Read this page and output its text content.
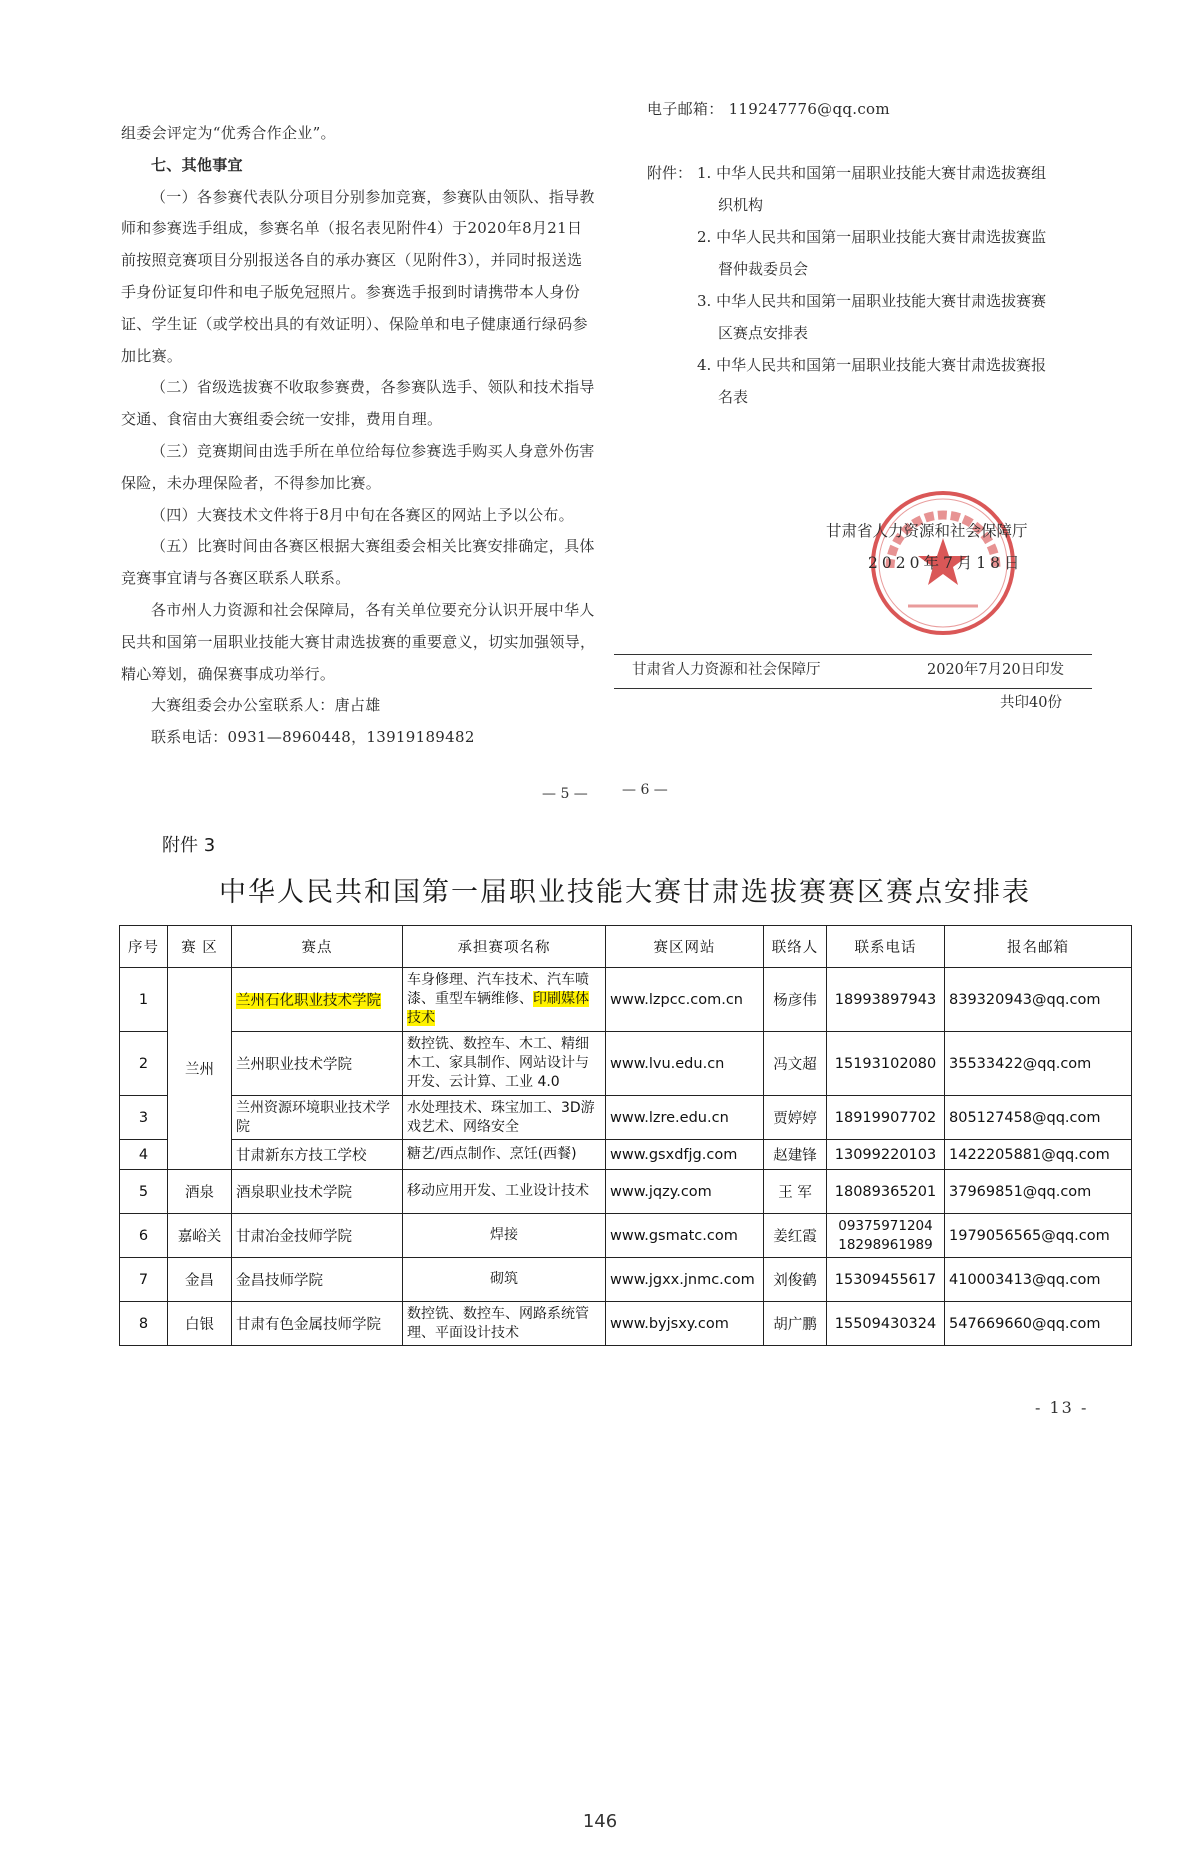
组委会评定为“优秀合作企业”。

七、其他事宜

（一）各参赛代表队分项目分别参加竞赛，参赛队由领队、指导教师和参赛选手组成，参赛名单（报名表见附件4）于2020年8月21日前按照竞赛项目分别报送各自的承办赛区（见附件3），并同时报送选手身份证复印件和电子版免冠照片。参赛选手报到时请携带本人身份证、学生证（或学校出具的有效证明）、保险单和电子健康通行绿码参加比赛。

（二）省级选拔赛不收取参赛费，各参赛队选手、领队和技术指导交通、食宿由大赛组委会统一安排，费用自理。

（三）竞赛期间由选手所在单位给每位参赛选手购买人身意外伤害保险，未办理保险者，不得参加比赛。

（四）大赛技术文件将于8月中旬在各赛区的网站上予以公布。

（五）比赛时间由各赛区根据大赛组委会相关比赛安排确定，具体竞赛事宜请与各赛区联系人联系。

各市州人力资源和社会保障局，各有关单位要充分认识开展中华人民共和国第一届职业技能大赛甘肃选拔赛的重要意义，切实加强领导，精心筹划，确保赛事成功举行。

大赛组委会办公室联系人：唐占雄

联系电话：0931—8960448，13919189482

— 5 —
电子邮箱： 119247776@qq.com
附件： 1. 中华人民共和国第一届职业技能大赛甘肃选拔赛组
织机构
2. 中华人民共和国第一届职业技能大赛甘肃选拔赛监
督仲裁委员会
3. 中华人民共和国第一届职业技能大赛甘肃选拔赛赛
区赛点安排表
4. 中华人民共和国第一届职业技能大赛甘肃选拔赛报
名表
甘肃省人力资源和社会保障厅
2020年7月18日
甘肃省人力资源和社会保障厅	2020年7月20日印发
共印40份
— 6 —
附件 3
中华人民共和国第一届职业技能大赛甘肃选拔赛赛区赛点安排表
序号	赛 区	赛点	承担赛项名称	赛区网站	联络人	联系电话	报名邮箱
1	兰州	兰州石化职业技术学院	车身修理、汽车技术、汽车喷漆、重型车辆维修、印刷媒体技术	www.lzpcc.com.cn	杨彦伟	18993897943	839320943@qq.com
2		兰州职业技术学院	数控铣、数控车、木工、精细木工、家具制作、网站设计与开发、云计算、工业 4.0	www.lvu.edu.cn	冯文超	15193102080	35533422@qq.com
3		兰州资源环境职业技术学院	水处理技术、珠宝加工、3D游戏艺术、网络安全	www.lzre.edu.cn	贾婷婷	18919907702	805127458@qq.com
4		甘肃新东方技工学校	糖艺/西点制作、烹饪(西餐)	www.gsxdfjg.com	赵建锋	13099220103	1422205881@qq.com
5	酒泉	酒泉职业技术学院	移动应用开发、工业设计技术	www.jqzy.com	王 军	18089365201	37969851@qq.com
6	嘉峪关	甘肃冶金技师学院	焊接	www.gsmatc.com	姜红霞	09375971204 18298961989	1979056565@qq.com
7	金昌	金昌技师学院	砌筑	www.jgxx.jnmc.com	刘俊鹤	15309455617	410003413@qq.com
8	白银	甘肃有色金属技师学院	数控铣、数控车、网路系统管理、平面设计技术	www.byjsxy.com	胡广鹏	15509430324	547669660@qq.com
- 13 -
146
